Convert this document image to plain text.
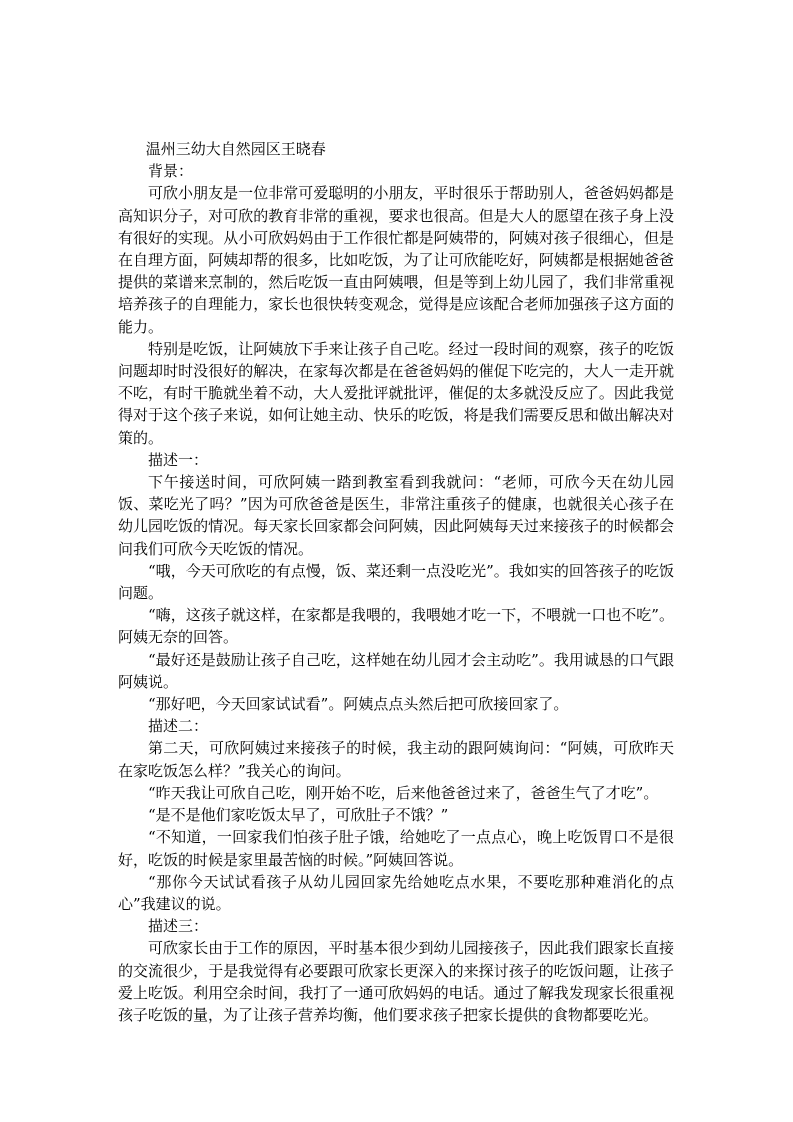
温州三幼大自然园区王晓春

背景：

可欣小朋友是一位非常可爱聪明的小朋友，平时很乐于帮助别人，爸爸妈妈都是高知识分子，对可欣的教育非常的重视，要求也很高。但是大人的愿望在孩子身上没有很好的实现。从小可欣妈妈由于工作很忙都是阿姨带的，阿姨对孩子很细心，但是在自理方面，阿姨却帮的很多，比如吃饭，为了让可欣能吃好，阿姨都是根据她爸爸提供的菜谱来烹制的，然后吃饭一直由阿姨喂，但是等到上幼儿园了，我们非常重视培养孩子的自理能力，家长也很快转变观念，觉得是应该配合老师加强孩子这方面的能力。

特别是吃饭，让阿姨放下手来让孩子自己吃。经过一段时间的观察，孩子的吃饭问题却时时没很好的解决，在家每次都是在爸爸妈妈的催促下吃完的，大人一走开就不吃，有时干脆就坐着不动，大人爱批评就批评，催促的太多就没反应了。因此我觉得对于这个孩子来说，如何让她主动、快乐的吃饭，将是我们需要反思和做出解决对策的。

描述一：

下午接送时间，可欣阿姨一踏到教室看到我就问：“老师，可欣今天在幼儿园饭、菜吃光了吗？”因为可欣爸爸是医生，非常注重孩子的健康，也就很关心孩子在幼儿园吃饭的情况。每天家长回家都会问阿姨，因此阿姨每天过来接孩子的时候都会问我们可欣今天吃饭的情况。

“哦，今天可欣吃的有点慢，饭、菜还剩一点没吃光”。我如实的回答孩子的吃饭问题。

“嗨，这孩子就这样，在家都是我喂的，我喂她才吃一下，不喂就一口也不吃”。阿姨无奈的回答。

“最好还是鼓励让孩子自己吃，这样她在幼儿园才会主动吃”。我用诚恳的口气跟阿姨说。

“那好吧，今天回家试试看”。阿姨点点头然后把可欣接回家了。

描述二：

第二天，可欣阿姨过来接孩子的时候，我主动的跟阿姨询问：“阿姨，可欣昨天在家吃饭怎么样？”我关心的询问。

“昨天我让可欣自己吃，刚开始不吃，后来他爸爸过来了，爸爸生气了才吃”。

“是不是他们家吃饭太早了，可欣肚子不饿？”

“不知道，一回家我们怕孩子肚子饿，给她吃了一点点心，晚上吃饭胃口不是很好，吃饭的时候是家里最苦恼的时候。”阿姨回答说。

“那你今天试试看孩子从幼儿园回家先给她吃点水果，不要吃那种难消化的点心”我建议的说。

描述三：

可欣家长由于工作的原因，平时基本很少到幼儿园接孩子，因此我们跟家长直接的交流很少，于是我觉得有必要跟可欣家长更深入的来探讨孩子的吃饭问题，让孩子爱上吃饭。利用空余时间，我打了一通可欣妈妈的电话。通过了解我发现家长很重视孩子吃饭的量，为了让孩子营养均衡，他们要求孩子把家长提供的食物都要吃光。
